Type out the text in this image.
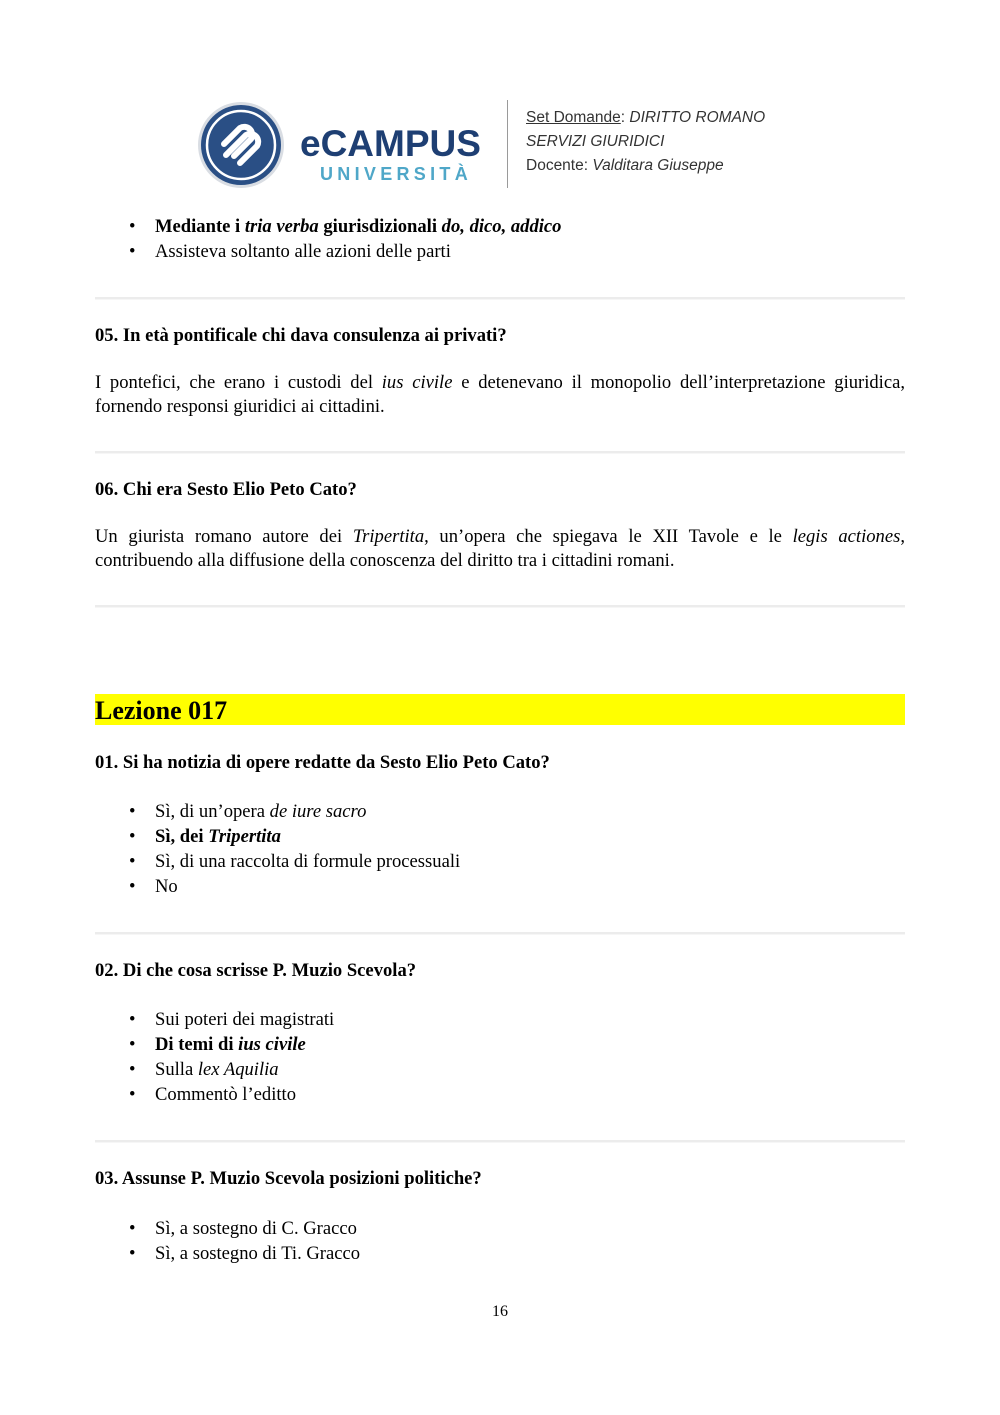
eCAMPUS
UNIVERSITÀ
Set Domande: DIRITTO ROMANO
SERVIZI GIURIDICI
Docente: Valditara Giuseppe
• Mediante i tria verba giurisdizionali do, dico, addico
• Assisteva soltanto alle azioni delle parti
05. In età pontificale chi dava consulenza ai privati?
I pontefici, che erano i custodi del ius civile e detenevano il monopolio dell’interpretazione giuridica, fornendo responsi giuridici ai cittadini.
06. Chi era Sesto Elio Peto Cato?
Un giurista romano autore dei Tripertita, un’opera che spiegava le XII Tavole e le legis actiones, contribuendo alla diffusione della conoscenza del diritto tra i cittadini romani.
Lezione 017
01. Si ha notizia di opere redatte da Sesto Elio Peto Cato?
• Sì, di un’opera de iure sacro
• Sì, dei Tripertita
• Sì, di una raccolta di formule processuali
• No
02. Di che cosa scrisse P. Muzio Scevola?
• Sui poteri dei magistrati
• Di temi di ius civile
• Sulla lex Aquilia
• Commentò l’editto
03. Assunse P. Muzio Scevola posizioni politiche?
• Sì, a sostegno di C. Gracco
• Sì, a sostegno di Ti. Gracco
16
